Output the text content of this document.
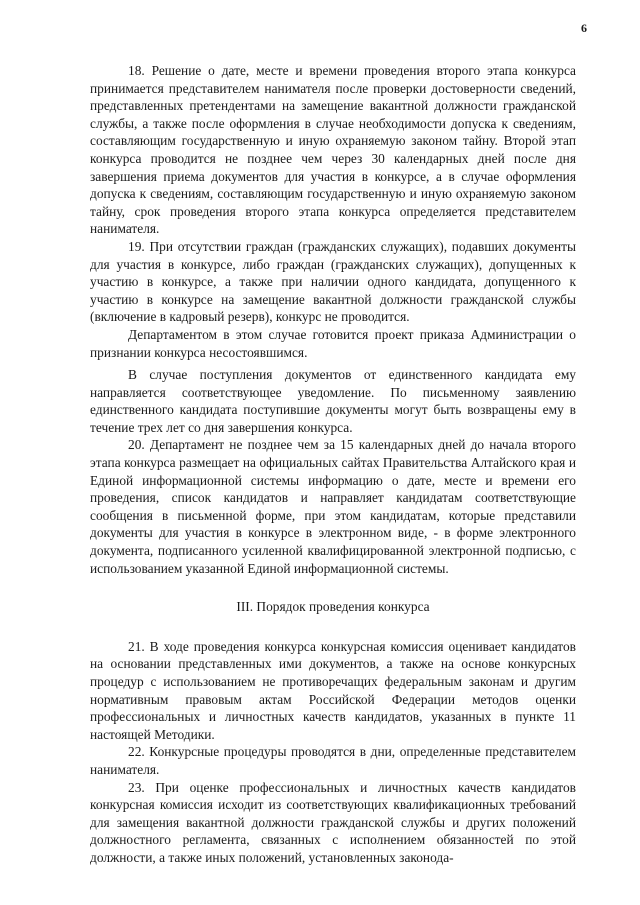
6

18. Решение о дате, месте и времени проведения второго этапа конкурса принимается представителем нанимателя после проверки достоверности сведений, представленных претендентами на замещение вакантной должности гражданской службы, а также после оформления в случае необходимости допуска к сведениям, составляющим государственную и иную охраняемую законом тайну. Второй этап конкурса проводится не позднее чем через 30 календарных дней после дня завершения приема документов для участия в конкурсе, а в случае оформления допуска к сведениям, составляющим государственную и иную охраняемую законом тайну, срок проведения второго этапа конкурса определяется представителем нанимателя.

19. При отсутствии граждан (гражданских служащих), подавших документы для участия в конкурсе, либо граждан (гражданских служащих), допущенных к участию в конкурсе, а также при наличии одного кандидата, допущенного к участию в конкурсе на замещение вакантной должности гражданской службы (включение в кадровый резерв), конкурс не проводится.

Департаментом в этом случае готовится проект приказа Администрации о признании конкурса несостоявшимся.

В случае поступления документов от единственного кандидата ему направляется соответствующее уведомление. По письменному заявлению единственного кандидата поступившие документы могут быть возвращены ему в течение трех лет со дня завершения конкурса.

20. Департамент не позднее чем за 15 календарных дней до начала второго этапа конкурса размещает на официальных сайтах Правительства Алтайского края и Единой информационной системы информацию о дате, месте и времени его проведения, список кандидатов и направляет кандидатам соответствующие сообщения в письменной форме, при этом кандидатам, которые представили документы для участия в конкурсе в электронном виде, - в форме электронного документа, подписанного усиленной квалифицированной электронной подписью, с использованием указанной Единой информационной системы.

III. Порядок проведения конкурса

21. В ходе проведения конкурса конкурсная комиссия оценивает кандидатов на основании представленных ими документов, а также на основе конкурсных процедур с использованием не противоречащих федеральным законам и другим нормативным правовым актам Российской Федерации методов оценки профессиональных и личностных качеств кандидатов, указанных в пункте 11 настоящей Методики.

22. Конкурсные процедуры проводятся в дни, определенные представителем нанимателя.

23. При оценке профессиональных и личностных качеств кандидатов конкурсная комиссия исходит из соответствующих квалификационных требований для замещения вакантной должности гражданской службы и других положений должностного регламента, связанных с исполнением обязанностей по этой должности, а также иных положений, установленных законода-
